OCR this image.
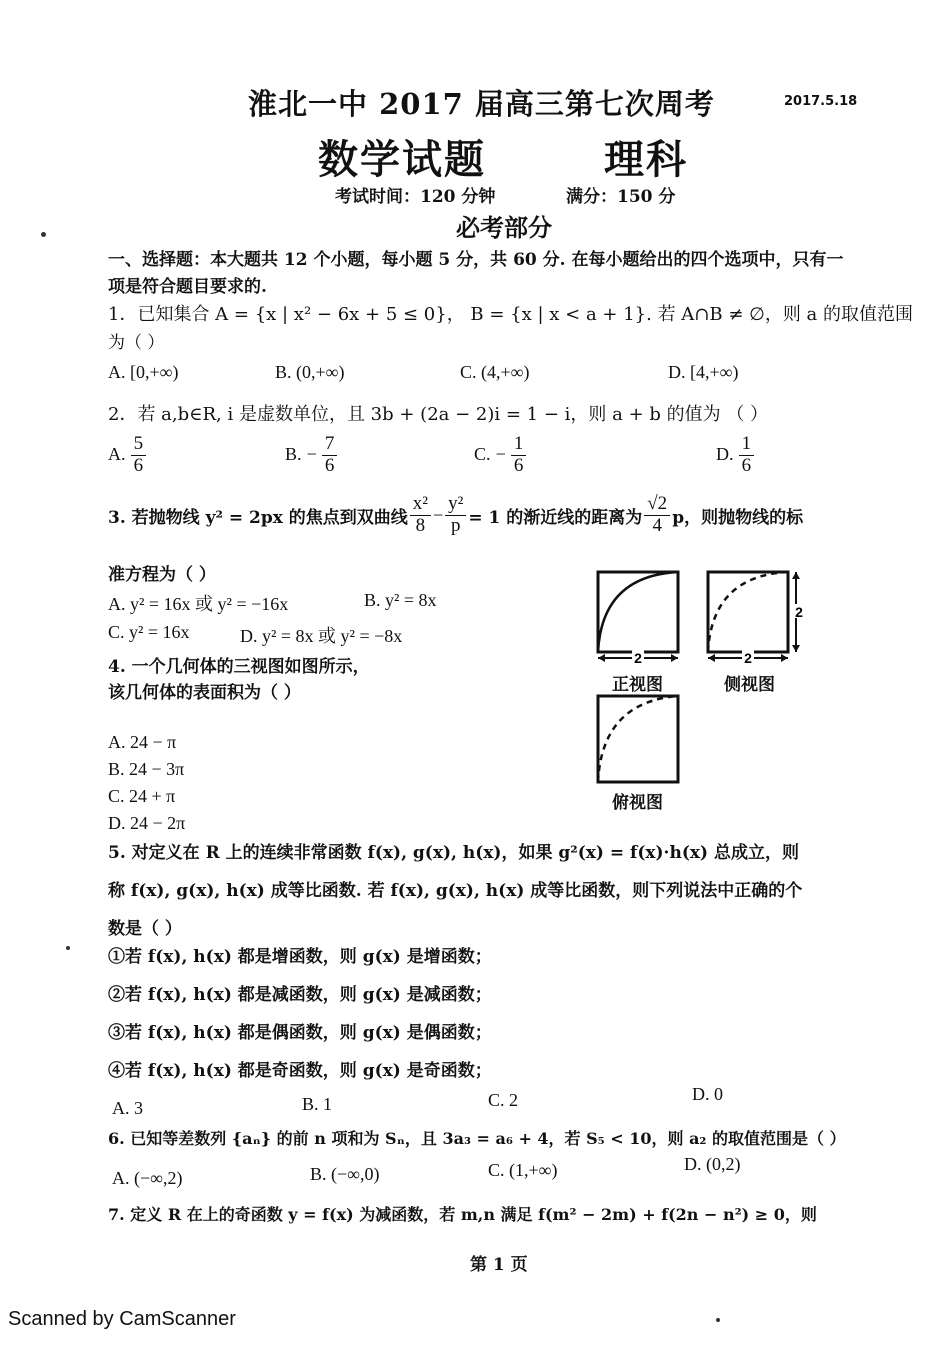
淮北一中 2017 届高三第七次周考	2017.5.18
数学试题	理科
考试时间：120 分钟	满分：150 分
必考部分
一、选择题：本大题共 12 个小题，每小题 5 分，共 60 分. 在每小题给出的四个选项中，只有一
项是符合题目要求的.
1．已知集合 A = {x | x² − 6x + 5 ≤ 0}， B = {x | x < a + 1}. 若 A∩B ≠ ∅，则 a 的取值范围
为（ ）
A. [0,+∞)	B. (0,+∞)	C. (4,+∞)	D. [4,+∞)
2．若 a,b∈R, i 是虚数单位，且 3b + (2a − 2)i = 1 − i，则 a + b 的值为 （ ）
A. $\frac{5}{6}$	B. − $\frac{7}{6}$	C. − $\frac{1}{6}$	D. $\frac{1}{6}$
3. 若抛物线 y² = 2px 的焦点到双曲线 $\frac{\text{x²}}{8} - \frac{\text{y²}}{p} = 1$ 的渐近线的距离为 $\frac{√2}{4}$ p，则抛物线的标
准方程为（ ）
A. y² = 16x 或 y² = −16x	B. y² = 8x
C. y² = 16x	D. y² = 8x 或 y² = −8x
4. 一个几何体的三视图如图所示，
该几何体的表面积为（ ）
A. 24 − π
B. 24 − 3π
C. 24 + π
D. 24 − 2π
2	2
2
正视图	侧视图
俯视图
5. 对定义在 R 上的连续非常函数 f(x), g(x), h(x)，如果 g²(x) = f(x)·h(x) 总成立，则
称 f(x), g(x), h(x) 成等比函数. 若 f(x), g(x), h(x) 成等比函数，则下列说法中正确的个
数是（ ）
①若 f(x), h(x) 都是增函数，则 g(x) 是增函数；
②若 f(x), h(x) 都是减函数，则 g(x) 是减函数；
③若 f(x), h(x) 都是偶函数，则 g(x) 是偶函数；
④若 f(x), h(x) 都是奇函数，则 g(x) 是奇函数；
A. 3	B. 1	C. 2	D. 0
6. 已知等差数列 {aₙ} 的前 n 项和为 Sₙ，且 3a₃ = a₆ + 4，若 S₅ < 10，则 a₂ 的取值范围是（ ）
A. (−∞,2)	B. (−∞,0)	C. (1,+∞)	D. (0,2)
7. 定义 R 在上的奇函数 y = f(x) 为减函数，若 m,n 满足 f(m² − 2m) + f(2n − n²) ≥ 0，则
第 1 页
Scanned by CamScanner
